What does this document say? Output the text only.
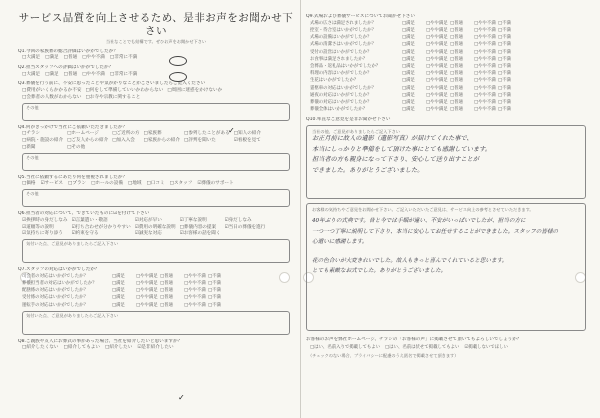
サービス品質を向上させるため、是非お声をお聞かせ下さい
当社なことでも結構です。ぜひお声をお聞かせ下さい
Q1.今回の家族葬の総合評価はいかがでしたか？
□大満足 □満足 □普通 □やや不満 □非常に不満
Q2.担当スタッフへの評価はいかがでしたか？
□大満足 □満足 □普通 □やや不満 □非常に不満
Q3.葬儀を行う前に、不安に思ったことや気がかりなことがございましたらご記入ください
□費用がいくらかかるか不安 □何をして準備していいかわからない □周囲に迷惑をかけないか
□会葬者の人数がわからない □お寺や宗教に関すること
その他
Q4.何がきっかけで当社にご依頼いただきましたか？
□チラシ	□ホームページ	□ご近所の方 □家族葬	□参列したことがある □知人の紹介
□病院・施設の紹介 □ご友人からの紹介 □加入入会	□家族からの紹介 □評判を聞いた	☑看板を見て
□新聞	□その他
その他
Q5.当社に依頼するにあたり何を重視されましたか？
□価格 ☑サービス □プラン □ホールの設備 □地域 □口コミ □スタッフ ☑葬儀のサポート
その他
Q6.担当者の対応について、できていたものに☑を付けて下さい
☑挨拶時の身だしなみ ☑言葉遣い・敬語	☑対応が早い	☑丁寧な説明	☑身だしなみ
☑道順等の説明	☑打ち合わせが分かりやすい ☑費用の明確な説明 □葬儀内容の提案	☑当日の葬儀を進行
☑気持ちに寄り添う	☑約束を守る	☑誠実な対応	☑お客様の話を聞く
気付いた点、ご意見がありましたらご記入下さい
Q7.スタッフの対応はいかがでしたか？
司会者の対応はいかがでしたか？	□満足	□やや満足 □普通	□やや不満 □不満
葬儀担当者の対応はいかがでしたか？	□満足	□やや満足 □普通	□やや不満 □不満
配膳係の対応はいかがでしたか？	□満足	□やや満足 □普通	□やや不満 □不満
受付係の対応はいかがでしたか？	□満足	□やや満足 □普通	□やや不満 □不満
運転手の対応はいかがでしたか？	□満足	□やや満足 □普通	□やや不満 □不満
気付いた点、ご意見がありましたらご記入下さい
Q8.ご親族や友人にお葬式の事があった場合、当社を紹介したいと思いますか？
□紹介したくない □紹介してもよい □紹介したい ☑是非紹介したい
Q9.式場および葬儀サービスについてお聞かせ下さい
式場の広さは満足されましたか？	□満足	□やや満足 □普通	□やや不満 □不満
控室・待合室はいかがでしたか？	□満足	□やや満足 □普通	□やや不満 □不満
式場の設備はいかがでしたか？	□満足	□やや満足 □普通	□やや不満 □不満
式場の清潔さはいかがでしたか？	□満足	□やや満足 □普通	□やや不満 □不満
受付の設営はいかがでしたか？	□満足	□やや満足 □普通	□やや不満 □不満
お食事は満足されましたか？	□満足	□やや満足 □普通	□やや不満 □不満
会葬品・返礼品はいかがでしたか？	□満足	□やや満足 □普通	□やや不満 □不満
料理の内容はいかがでしたか？	□満足	□やや満足 □普通	□やや不満 □不満
生花はいかがでしたか？	□満足	□やや満足 □普通	□やや不満 □不満
霊柩車の対応はいかがでしたか？	□満足	□やや満足 □普通	□やや不満 □不満
通夜の対応はいかがでしたか？	□満足	□やや満足 □普通	□やや不満 □不満
葬儀の対応はいかがでしたか？	□満足	□やや満足 □普通	□やや不満 □不満
葬儀全体はいかがでしたか？	□満足	□やや満足 □普通	□やや不満 □不満
Q10.率直なご意見を是非お聞かせ下さい
当社の他、ご意見がありましたらご記入下さい
お正月前に故人の遺影（遺影写真）が届けてくれた事で、
本当にしっかりと準備をして頂けた事にとても感謝しています。
担当者の方も親身になって下さり、安心して送り出すことが
できました。ありがとうございました。
お客様の気持ちやご意見をお聞かせ下さい。ご記入いただいたご意見は、サービス向上の参考とさせていただきます。
40年ぶりの式典です。昔と今では手順が違い、不安がいっぱいでしたが、担当の方に
一つ一つ丁寧に説明して下さり、本当に安心してお任せすることができました。スタッフの皆様の
心遣いに感謝します。
花の色合いが大変きれいでした。故人もきっと喜んでくれていると思います。
とても素敵なお式でした。ありがとうございました。
お客様のお声を弊社ホームページ、チラシの「お客様の声」に掲載させて頂いてもよろしいでしょうか？
□はい、名前入りで掲載してもよい □はい、名前は伏せて掲載してもよい ☑掲載しないでほしい
（チェックのない場合、プライバシーに配慮のうえ匿名で掲載させて頂きます）
✓
✓
